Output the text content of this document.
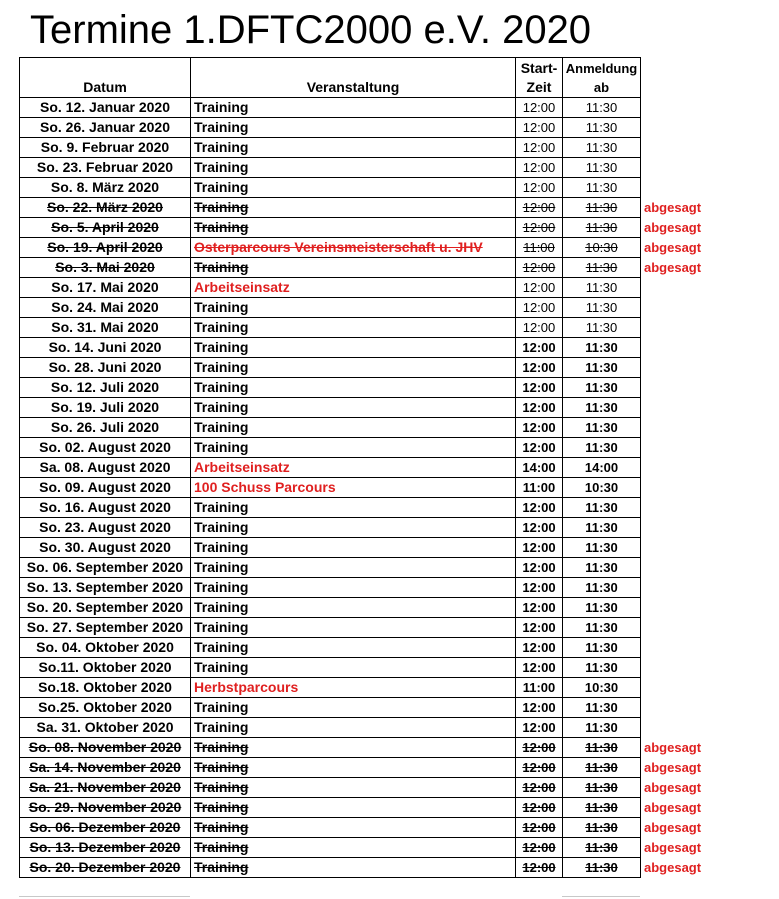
Termine 1.DFTC2000 e.V. 2020
Datum	Veranstaltung	Start-	Anmeldung	
		Zeit	ab	
So. 12. Januar 2020	Training	12:00	11:30	
So. 26. Januar 2020	Training	12:00	11:30	
So. 9. Februar 2020	Training	12:00	11:30	
So. 23. Februar 2020	Training	12:00	11:30	
So. 8. März 2020	Training	12:00	11:30	
So. 22. März 2020	Training	12:00	11:30	abgesagt
So. 5. April 2020	Training	12:00	11:30	abgesagt
So. 19. April 2020	Osterparcours Vereinsmeisterschaft u. JHV	11:00	10:30	abgesagt
So. 3. Mai 2020	Training	12:00	11:30	abgesagt
So. 17. Mai 2020	Arbeitseinsatz	12:00	11:30	
So. 24. Mai 2020	Training	12:00	11:30	
So. 31. Mai 2020	Training	12:00	11:30	
So. 14. Juni 2020	Training	12:00	11:30	
So. 28. Juni 2020	Training	12:00	11:30	
So. 12. Juli 2020	Training	12:00	11:30	
So. 19. Juli 2020	Training	12:00	11:30	
So. 26. Juli 2020	Training	12:00	11:30	
So. 02. August 2020	Training	12:00	11:30	
Sa. 08. August 2020	Arbeitseinsatz	14:00	14:00	
So. 09. August 2020	100 Schuss Parcours	11:00	10:30	
So. 16. August 2020	Training	12:00	11:30	
So. 23. August 2020	Training	12:00	11:30	
So. 30. August 2020	Training	12:00	11:30	
So. 06. September 2020	Training	12:00	11:30	
So. 13. September 2020	Training	12:00	11:30	
So. 20. September 2020	Training	12:00	11:30	
So. 27. September 2020	Training	12:00	11:30	
So. 04. Oktober 2020	Training	12:00	11:30	
So.11. Oktober 2020	Training	12:00	11:30	
So.18. Oktober 2020	Herbstparcours	11:00	10:30	
So.25. Oktober 2020	Training	12:00	11:30	
Sa. 31. Oktober 2020	Training	12:00	11:30	
So. 08. November 2020	Training	12:00	11:30	abgesagt
Sa. 14. November 2020	Training	12:00	11:30	abgesagt
Sa. 21. November 2020	Training	12:00	11:30	abgesagt
So. 29. November 2020	Training	12:00	11:30	abgesagt
So. 06. Dezember 2020	Training	12:00	11:30	abgesagt
So. 13. Dezember 2020	Training	12:00	11:30	abgesagt
So. 20. Dezember 2020	Training	12:00	11:30	abgesagt
